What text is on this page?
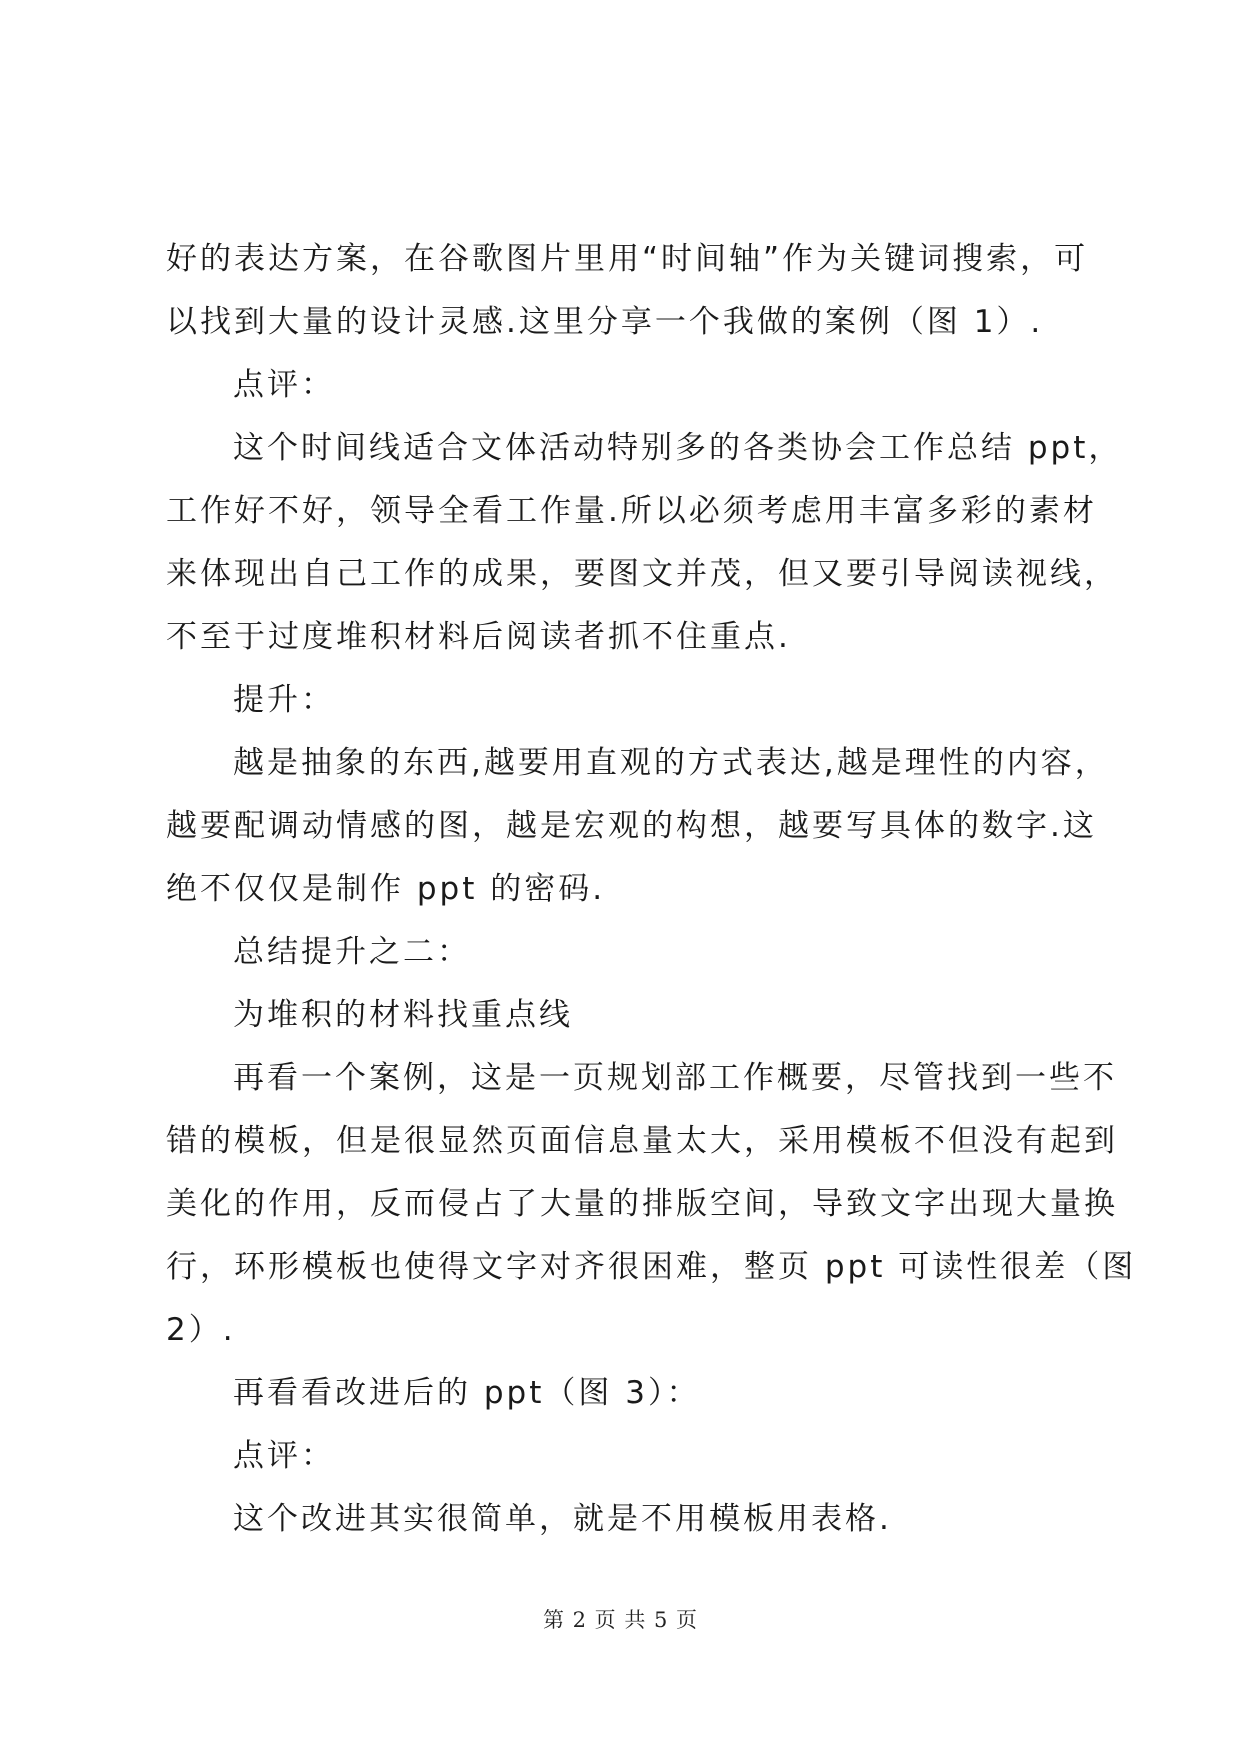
好的表达方案，在谷歌图片里用“时间轴”作为关键词搜索，可
以找到大量的设计灵感.这里分享一个我做的案例（图 1）.
点评：
这个时间线适合文体活动特别多的各类协会工作总结 ppt，
工作好不好，领导全看工作量.所以必须考虑用丰富多彩的素材
来体现出自己工作的成果，要图文并茂，但又要引导阅读视线，
不至于过度堆积材料后阅读者抓不住重点.
提升：
越是抽象的东西,越要用直观的方式表达,越是理性的内容，
越要配调动情感的图，越是宏观的构想，越要写具体的数字.这
绝不仅仅是制作 ppt 的密码.
总结提升之二：
为堆积的材料找重点线
再看一个案例，这是一页规划部工作概要，尽管找到一些不
错的模板，但是很显然页面信息量太大，采用模板不但没有起到
美化的作用，反而侵占了大量的排版空间，导致文字出现大量换
行，环形模板也使得文字对齐很困难，整页 ppt 可读性很差（图
2）.
再看看改进后的 ppt（图 3）：
点评：
这个改进其实很简单，就是不用模板用表格.
第 2 页 共 5 页
